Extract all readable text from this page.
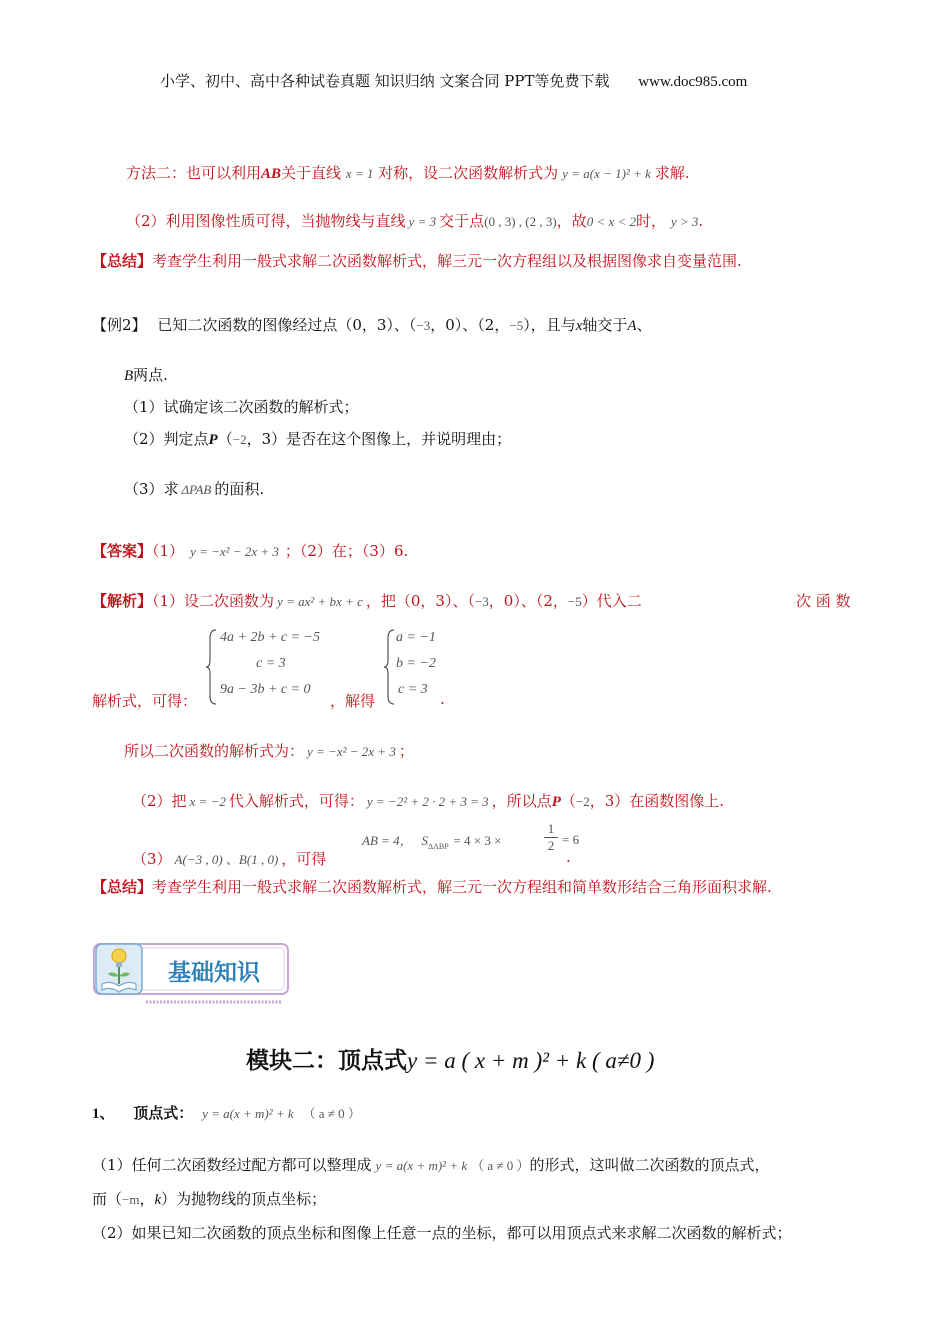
小学、初中、高中各种试卷真题 知识归纳 文案合同 PPT等免费下载 www.doc985.com
方法二：也可以利用AB关于直线 x = 1 对称，设二次函数解析式为 y = a(x − 1)² + k 求解.
（2）利用图像性质可得，当抛物线与直线 y = 3 交于点(0 , 3) , (2 , 3)，故0 < x < 2时， y > 3.
【总结】考查学生利用一般式求解二次函数解析式，解三元一次方程组以及根据图像求自变量范围.
【例2】 已知二次函数的图像经过点（0，3）、（−3，0）、（2，−5），且与x轴交于A、
B两点.
（1）试确定该二次函数的解析式；
（2）判定点P（−2，3）是否在这个图像上，并说明理由；
（3）求 ΔPAB 的面积.
【答案】（1） y = −x² − 2x + 3 ；（2）在；（3）6.
【解析】（1）设二次函数为 y = ax² + bx + c ，把（0，3）、（−3，0）、（2，−5）代入二	次 函 数
解析式，可得：
4a + 2b + c = −5
c = 3
9a − 3b + c = 0
，解得
a = −1
b = −2
c = 3
.
所以二次函数的解析式为： y = −x² − 2x + 3 ；
（2）把 x = −2 代入解析式，可得： y = −2² + 2 · 2 + 3 = 3 ，所以点P（−2，3）在函数图像上.
（3） A(−3 , 0) 、B(1 , 0) ，可得
AB = 4， $S_{\Delta ABP} = 4 \times 3$ ×
1
2 = 6
.
【总结】考查学生利用一般式求解二次函数解析式，解三元一次方程组和简单数形结合三角形面积求解.
基础知识
模块二：顶点式y = a ( x + m )² + k ( a≠0 )
1、 顶点式： y = a(x + m)² + k （ a ≠ 0 ）
（1）任何二次函数经过配方都可以整理成 y = a(x + m)² + k （ a ≠ 0 ）的形式，这叫做二次函数的顶点式，
而（−m，k）为抛物线的顶点坐标；
（2）如果已知二次函数的顶点坐标和图像上任意一点的坐标，都可以用顶点式来求解二次函数的解析式；
